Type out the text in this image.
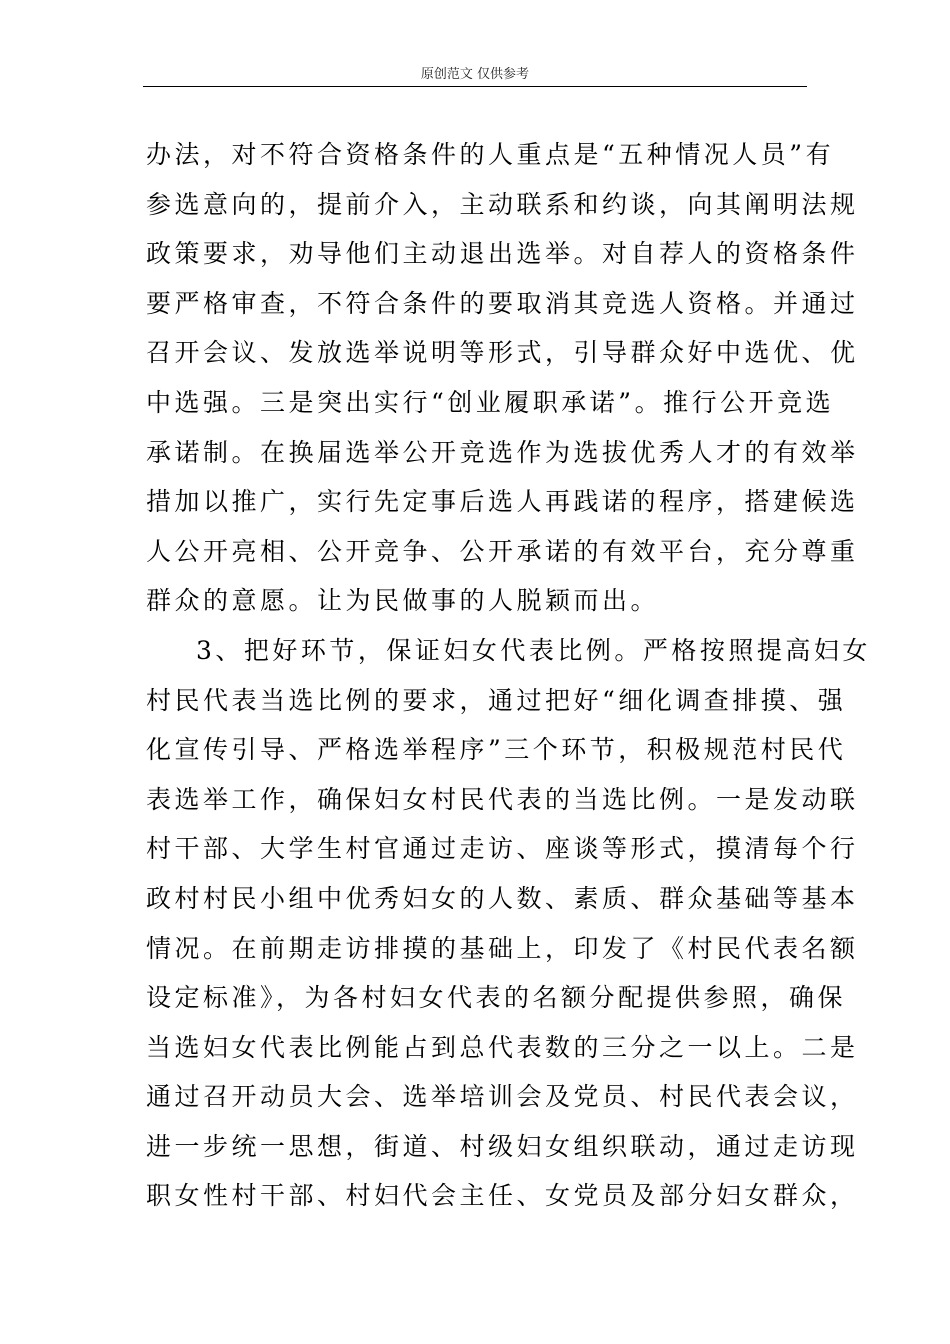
原创范文 仅供参考
办法，对不符合资格条件的人重点是“五种情况人员”有
参选意向的，提前介入，主动联系和约谈，向其阐明法规
政策要求，劝导他们主动退出选举。对自荐人的资格条件
要严格审查，不符合条件的要取消其竞选人资格。并通过
召开会议、发放选举说明等形式，引导群众好中选优、优
中选强。三是突出实行“创业履职承诺”。推行公开竞选
承诺制。在换届选举公开竞选作为选拔优秀人才的有效举
措加以推广，实行先定事后选人再践诺的程序，搭建候选
人公开亮相、公开竞争、公开承诺的有效平台，充分尊重
群众的意愿。让为民做事的人脱颖而出。
3、把好环节，保证妇女代表比例。严格按照提高妇女
村民代表当选比例的要求，通过把好“细化调查排摸、强
化宣传引导、严格选举程序”三个环节，积极规范村民代
表选举工作，确保妇女村民代表的当选比例。一是发动联
村干部、大学生村官通过走访、座谈等形式，摸清每个行
政村村民小组中优秀妇女的人数、素质、群众基础等基本
情况。在前期走访排摸的基础上，印发了《村民代表名额
设定标准》，为各村妇女代表的名额分配提供参照，确保
当选妇女代表比例能占到总代表数的三分之一以上。二是
通过召开动员大会、选举培训会及党员、村民代表会议，
进一步统一思想，街道、村级妇女组织联动，通过走访现
职女性村干部、村妇代会主任、女党员及部分妇女群众，
